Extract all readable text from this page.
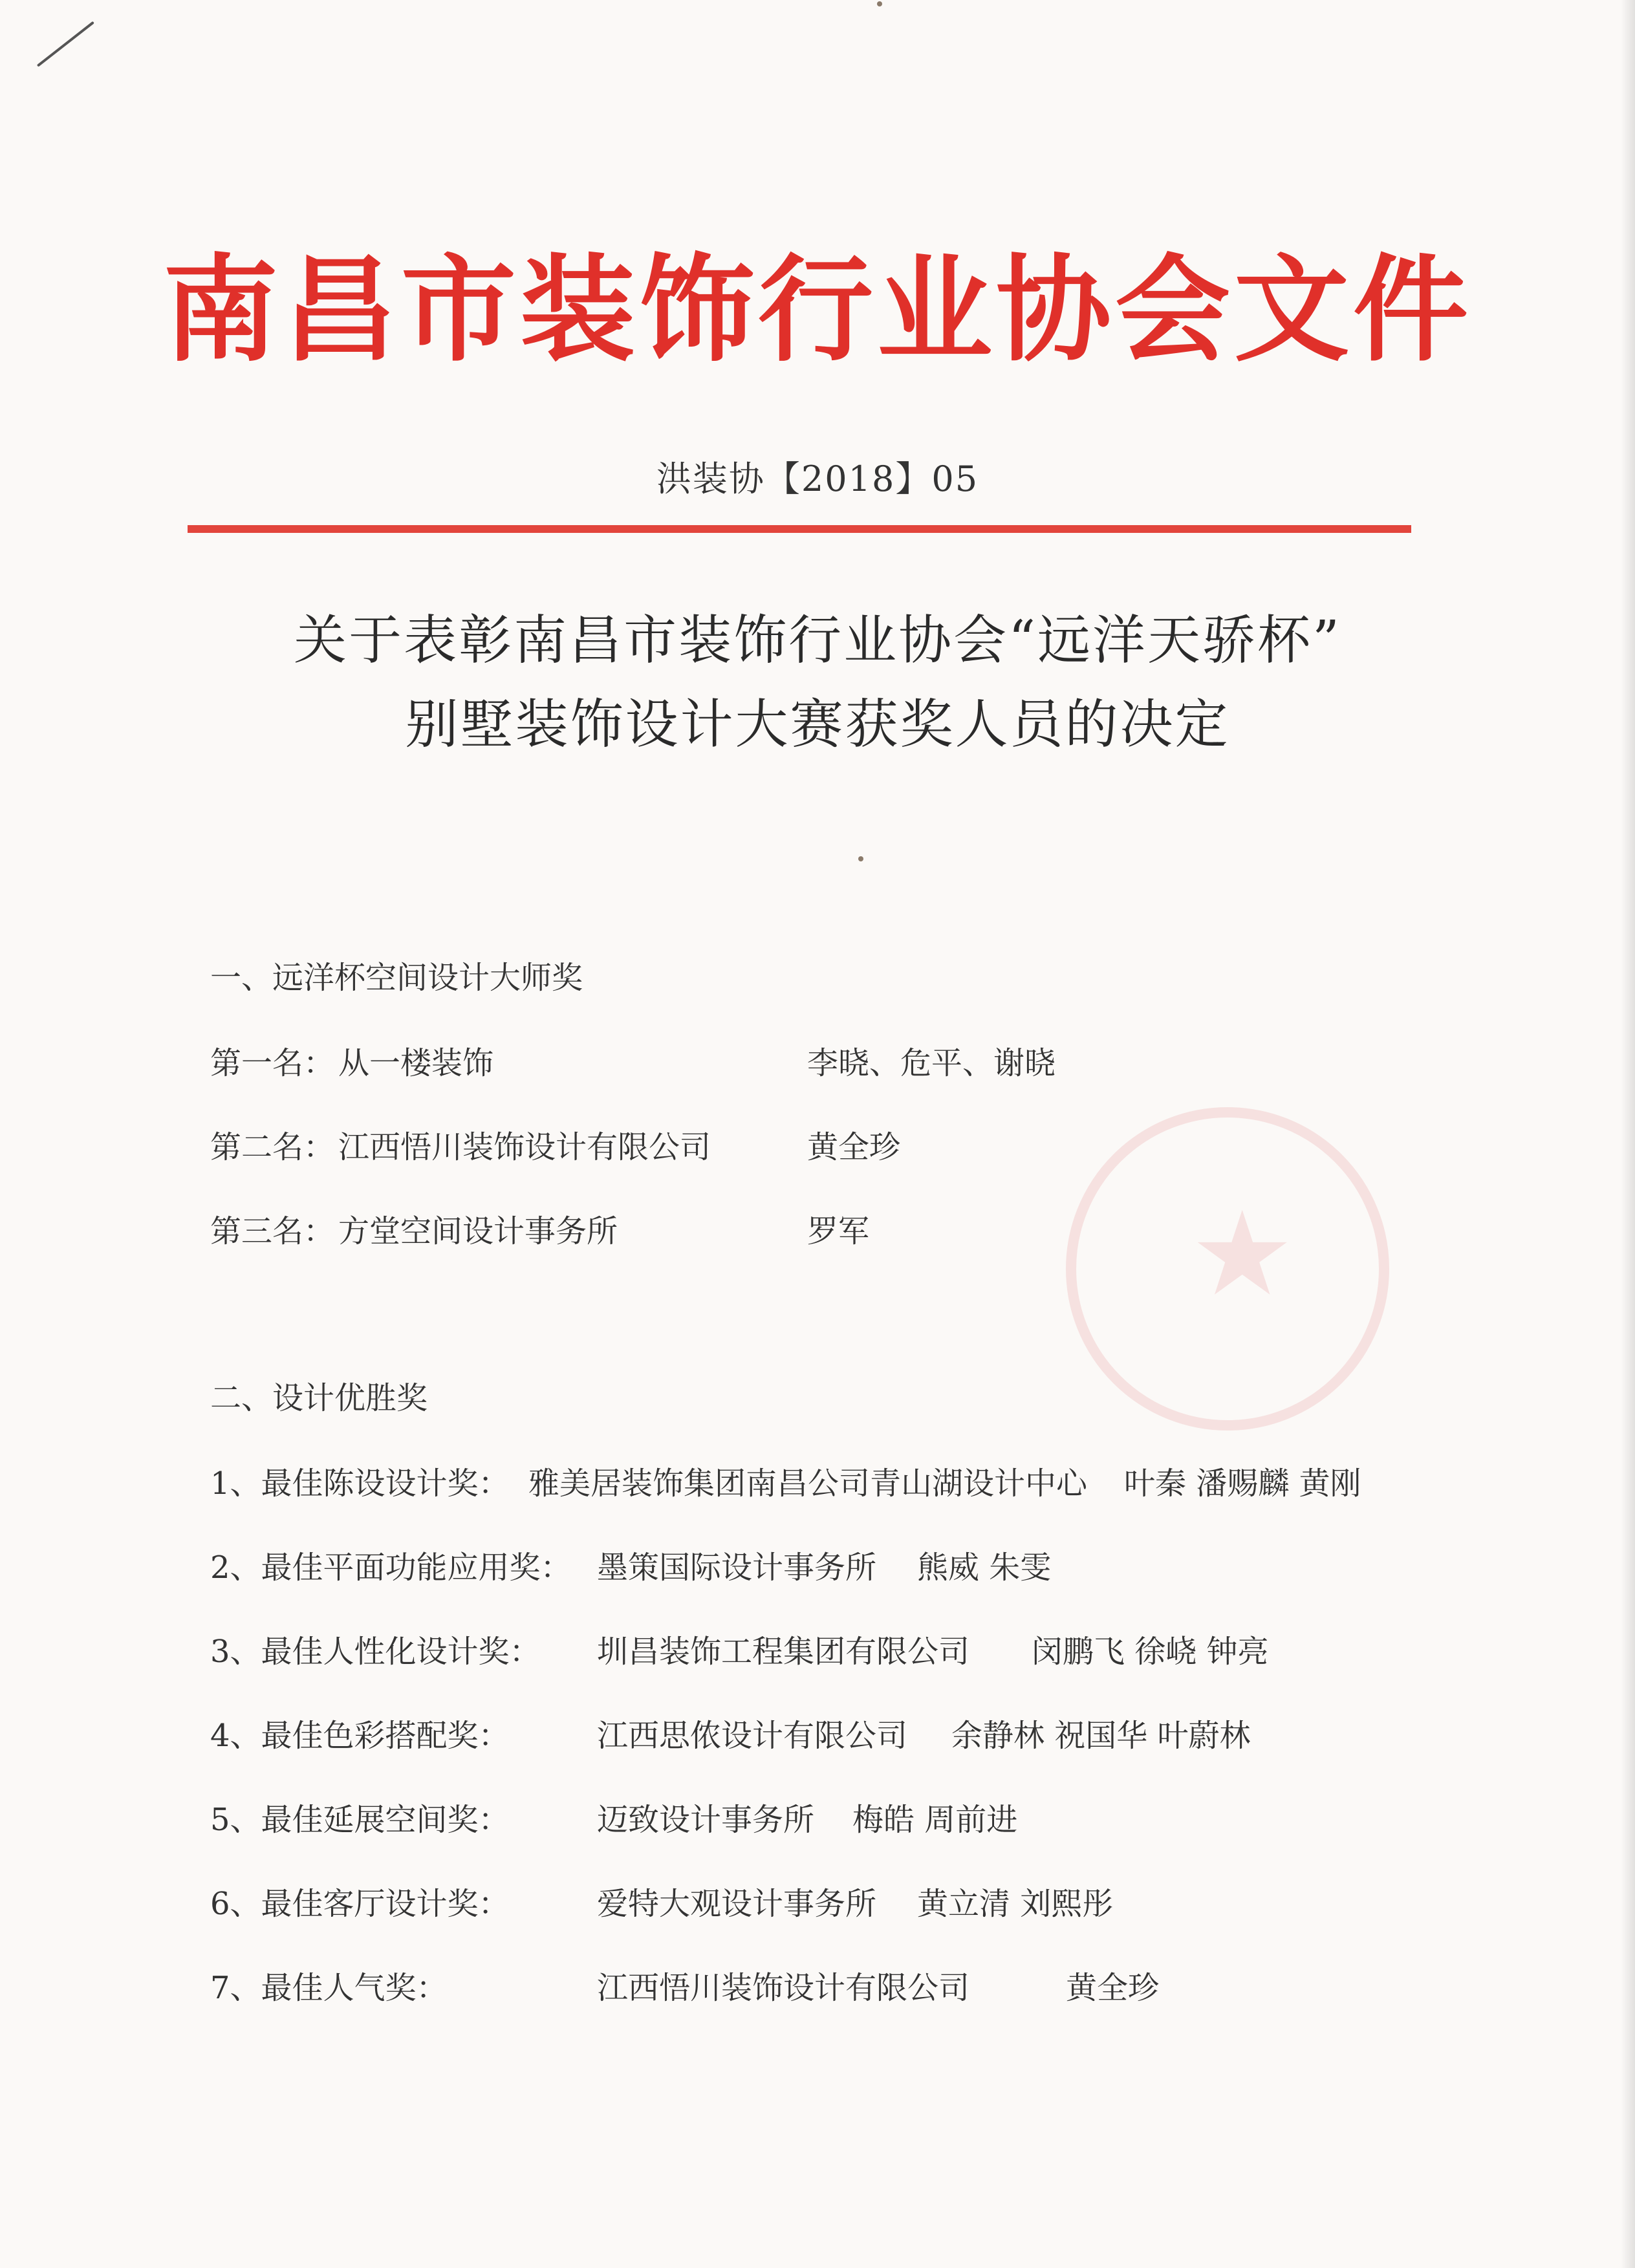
★
南昌市装饰行业协会文件
洪装协【2018】05
关于表彰南昌市装饰行业协会“远洋天骄杯”
别墅装饰设计大赛获奖人员的决定
一、远洋杯空间设计大师奖
第一名： 从一楼装饰	李晓、危平、谢晓
第二名： 江西悟川装饰设计有限公司	黄全珍
第三名： 方堂空间设计事务所	罗军
二、设计优胜奖
1、最佳陈设设计奖： 雅美居装饰集团南昌公司青山湖设计中心 叶秦 潘赐麟 黄刚
2、最佳平面功能应用奖： 墨策国际设计事务所 熊威 朱雯
3、最佳人性化设计奖： 圳昌装饰工程集团有限公司 闵鹏飞 徐峣 钟亮
4、最佳色彩搭配奖：	江西思侬设计有限公司 余静林 祝国华 叶蔚林
5、最佳延展空间奖：	迈致设计事务所 梅皓 周前进
6、最佳客厅设计奖：	爱特大观设计事务所 黄立清 刘熙彤
7、最佳人气奖：	江西悟川装饰设计有限公司	黄全珍
